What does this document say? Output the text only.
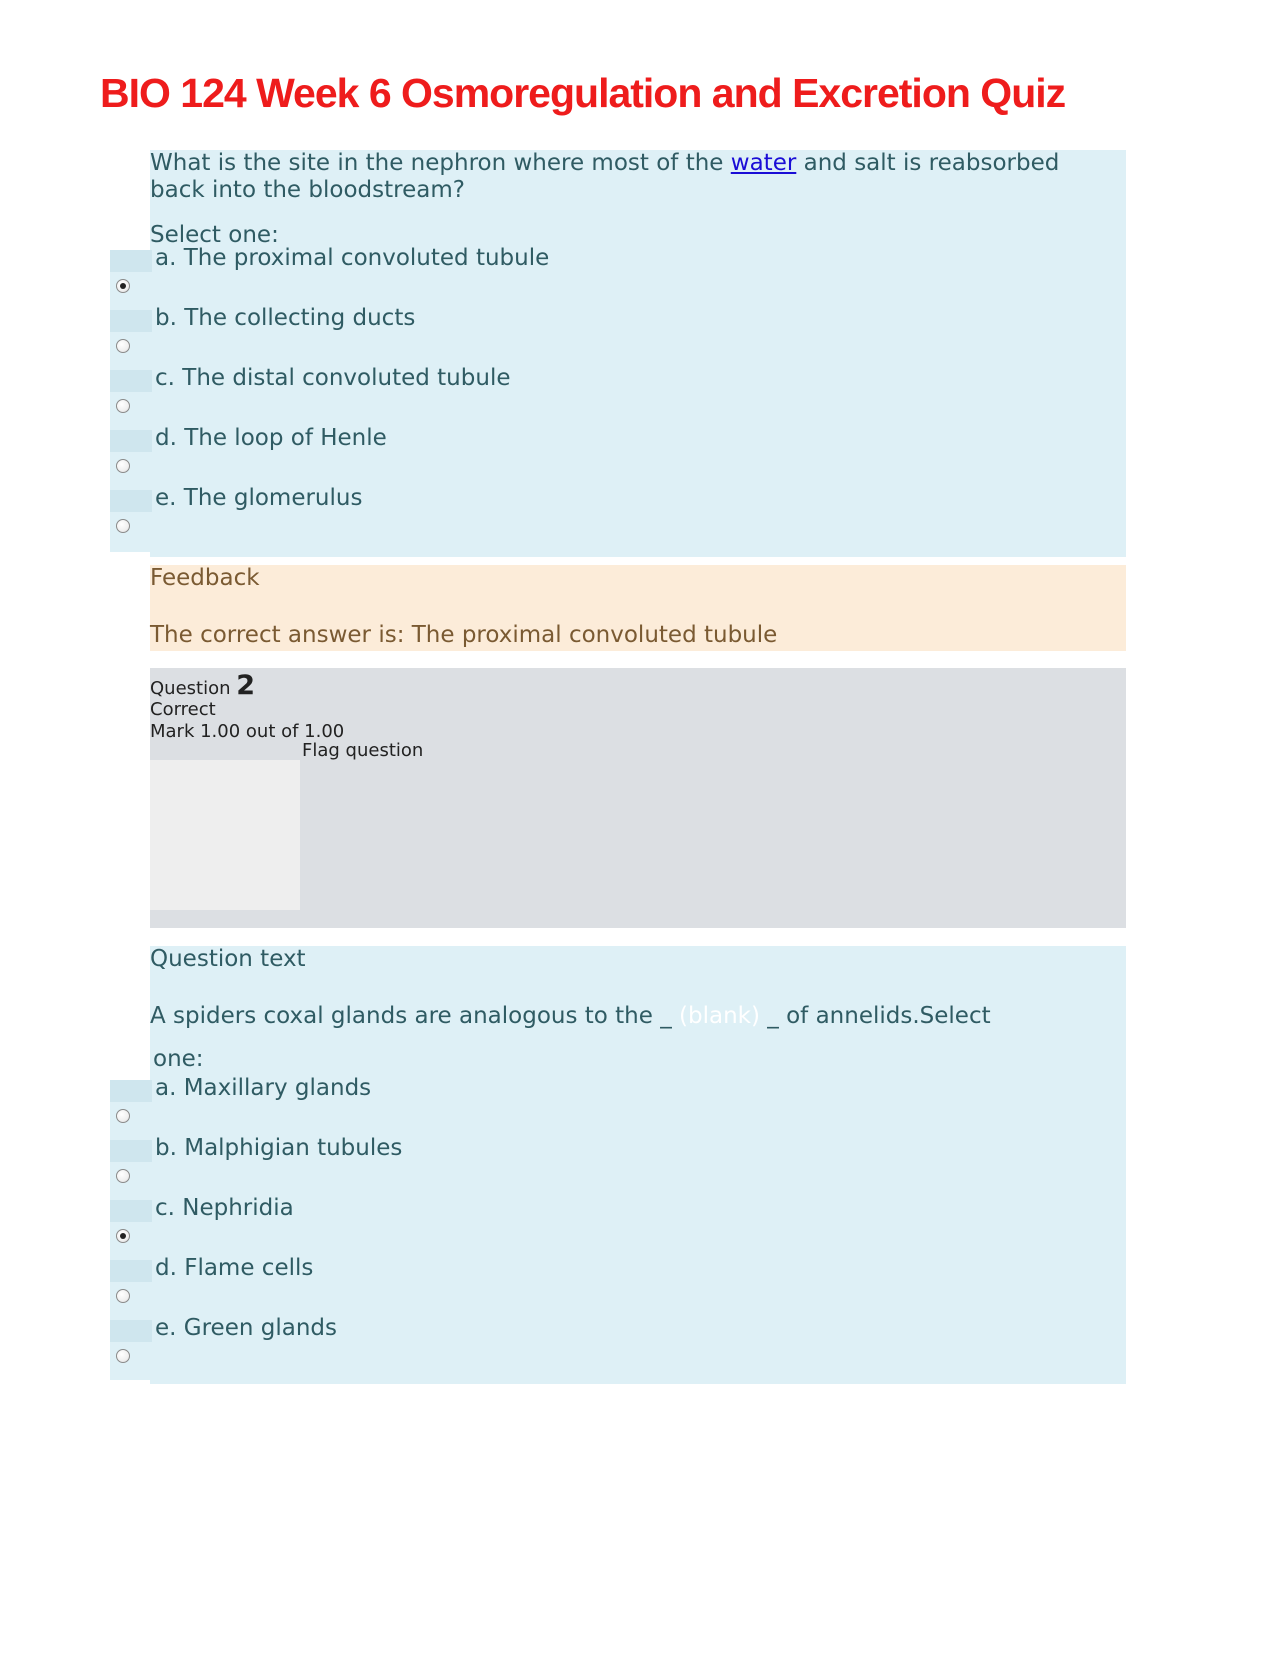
BIO 124 Week 6 Osmoregulation and Excretion Quiz

What is the site in the nephron where most of the water and salt is reabsorbed

back into the bloodstream?

Select one:
a. The proximal convoluted tubule
b. The collecting ducts
c. The distal convoluted tubule
d. The loop of Henle
e. The glomerulus
Feedback
The correct answer is: The proximal convoluted tubule
Question 2
Correct
Mark 1.00 out of 1.00
Flag question
Question text

A spiders coxal glands are analogous to the _ (blank) _ of annelids.Select

one:
a. Maxillary glands
b. Malphigian tubules
c. Nephridia
d. Flame cells
e. Green glands
